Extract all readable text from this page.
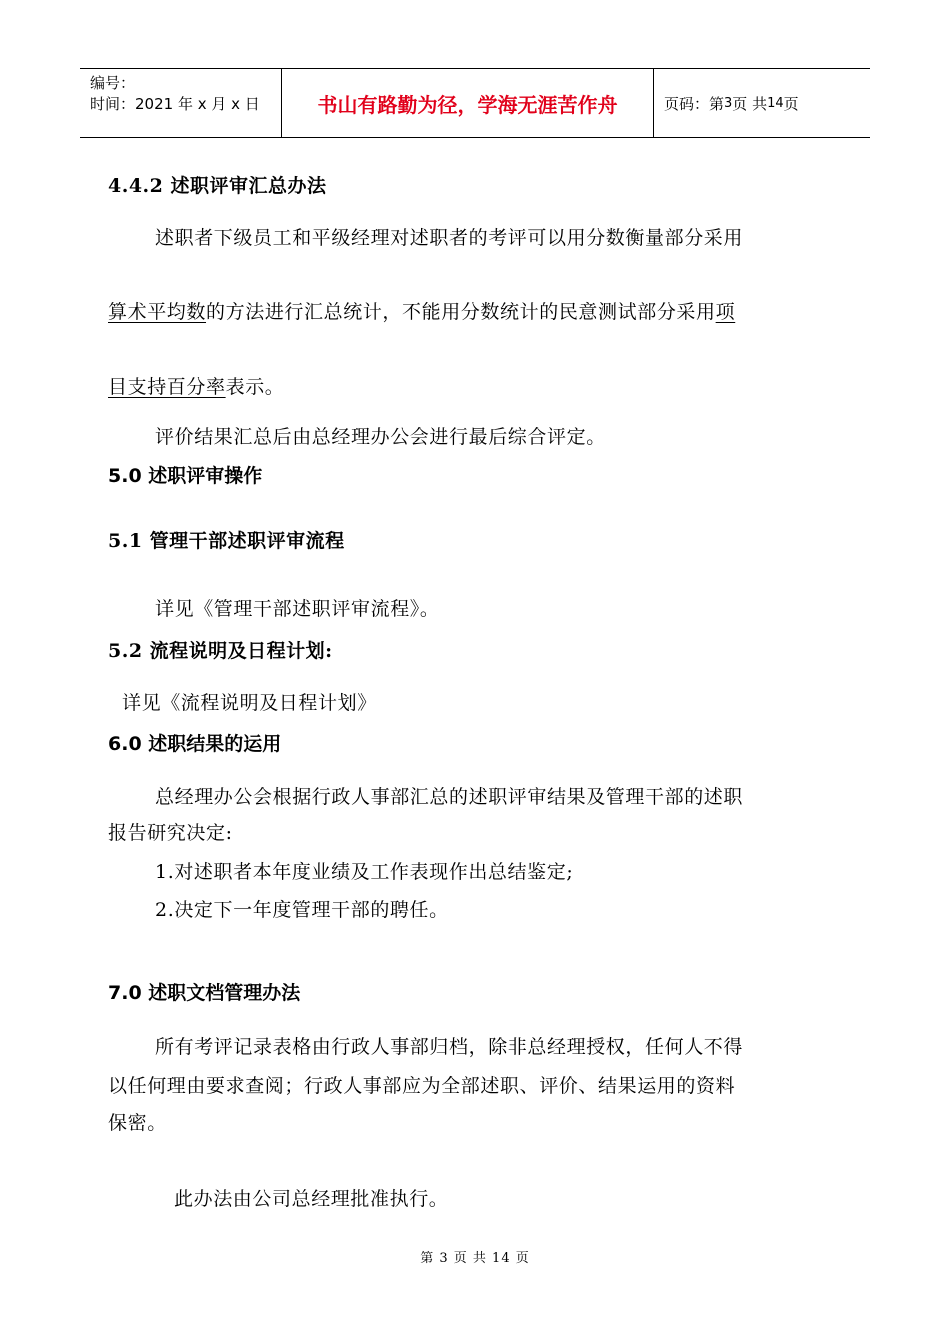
编号：
时间：2021 年 x 月 x 日	书山有路勤为径，学海无涯苦作舟	页码：第 3 页 共 14 页
4.4.2 述职评审汇总办法
述职者下级员工和平级经理对述职者的考评可以用分数衡量部分采用
算术平均数的方法进行汇总统计，不能用分数统计的民意测试部分采用项
目支持百分率表示。
评价结果汇总后由总经理办公会进行最后综合评定。
5.0 述职评审操作
5.1 管理干部述职评审流程
详见《管理干部述职评审流程》。
5.2 流程说明及日程计划:
详见《流程说明及日程计划》
6.0 述职结果的运用
总经理办公会根据行政人事部汇总的述职评审结果及管理干部的述职
报告研究决定:
1.对述职者本年度业绩及工作表现作出总结鉴定;
2.决定下一年度管理干部的聘任。
7.0 述职文档管理办法
所有考评记录表格由行政人事部归档，除非总经理授权，任何人不得
以任何理由要求查阅；行政人事部应为全部述职、评价、结果运用的资料
保密。
此办法由公司总经理批准执行。
第 3 页 共 14 页
